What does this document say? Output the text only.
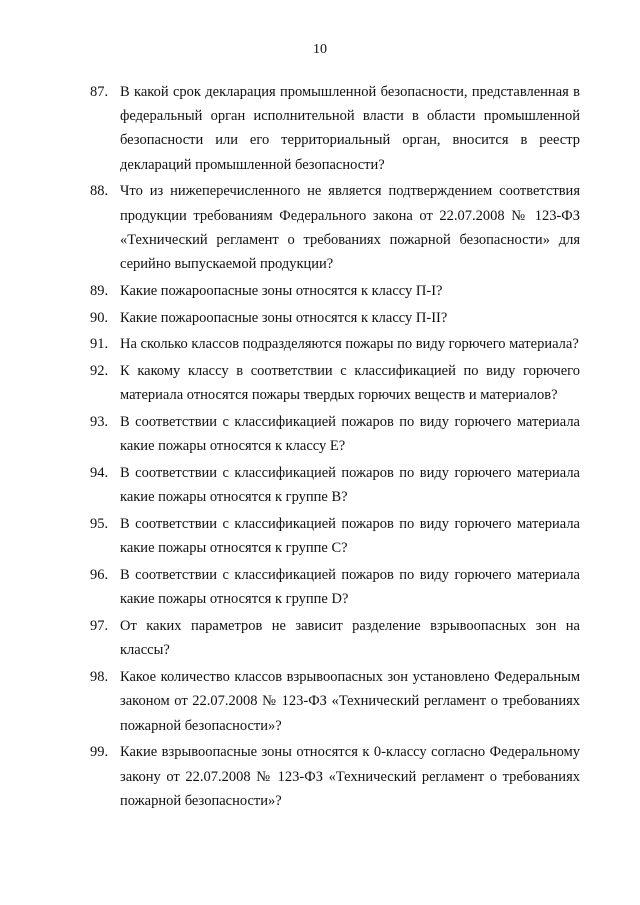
10
87. В какой срок декларация промышленной безопасности, представленная в федеральный орган исполнительной власти в области промышленной безопасности или его территориальный орган, вносится в реестр деклараций промышленной безопасности?
88. Что из нижеперечисленного не является подтверждением соответствия продукции требованиям Федерального закона от 22.07.2008 № 123-ФЗ «Технический регламент о требованиях пожарной безопасности» для серийно выпускаемой продукции?
89. Какие пожароопасные зоны относятся к классу П-I?
90. Какие пожароопасные зоны относятся к классу П-II?
91. На сколько классов подразделяются пожары по виду горючего материала?
92. К какому классу в соответствии с классификацией по виду горючего материала относятся пожары твердых горючих веществ и материалов?
93. В соответствии с классификацией пожаров по виду горючего материала какие пожары относятся к классу Е?
94. В соответствии с классификацией пожаров по виду горючего материала какие пожары относятся к группе В?
95. В соответствии с классификацией пожаров по виду горючего материала какие пожары относятся к группе С?
96. В соответствии с классификацией пожаров по виду горючего материала какие пожары относятся к группе D?
97. От каких параметров не зависит разделение взрывоопасных зон на классы?
98. Какое количество классов взрывоопасных зон установлено Федеральным законом от 22.07.2008 № 123-ФЗ «Технический регламент о требованиях пожарной безопасности»?
99. Какие взрывоопасные зоны относятся к 0-классу согласно Федеральному закону от 22.07.2008 № 123-ФЗ «Технический регламент о требованиях пожарной безопасности»?
